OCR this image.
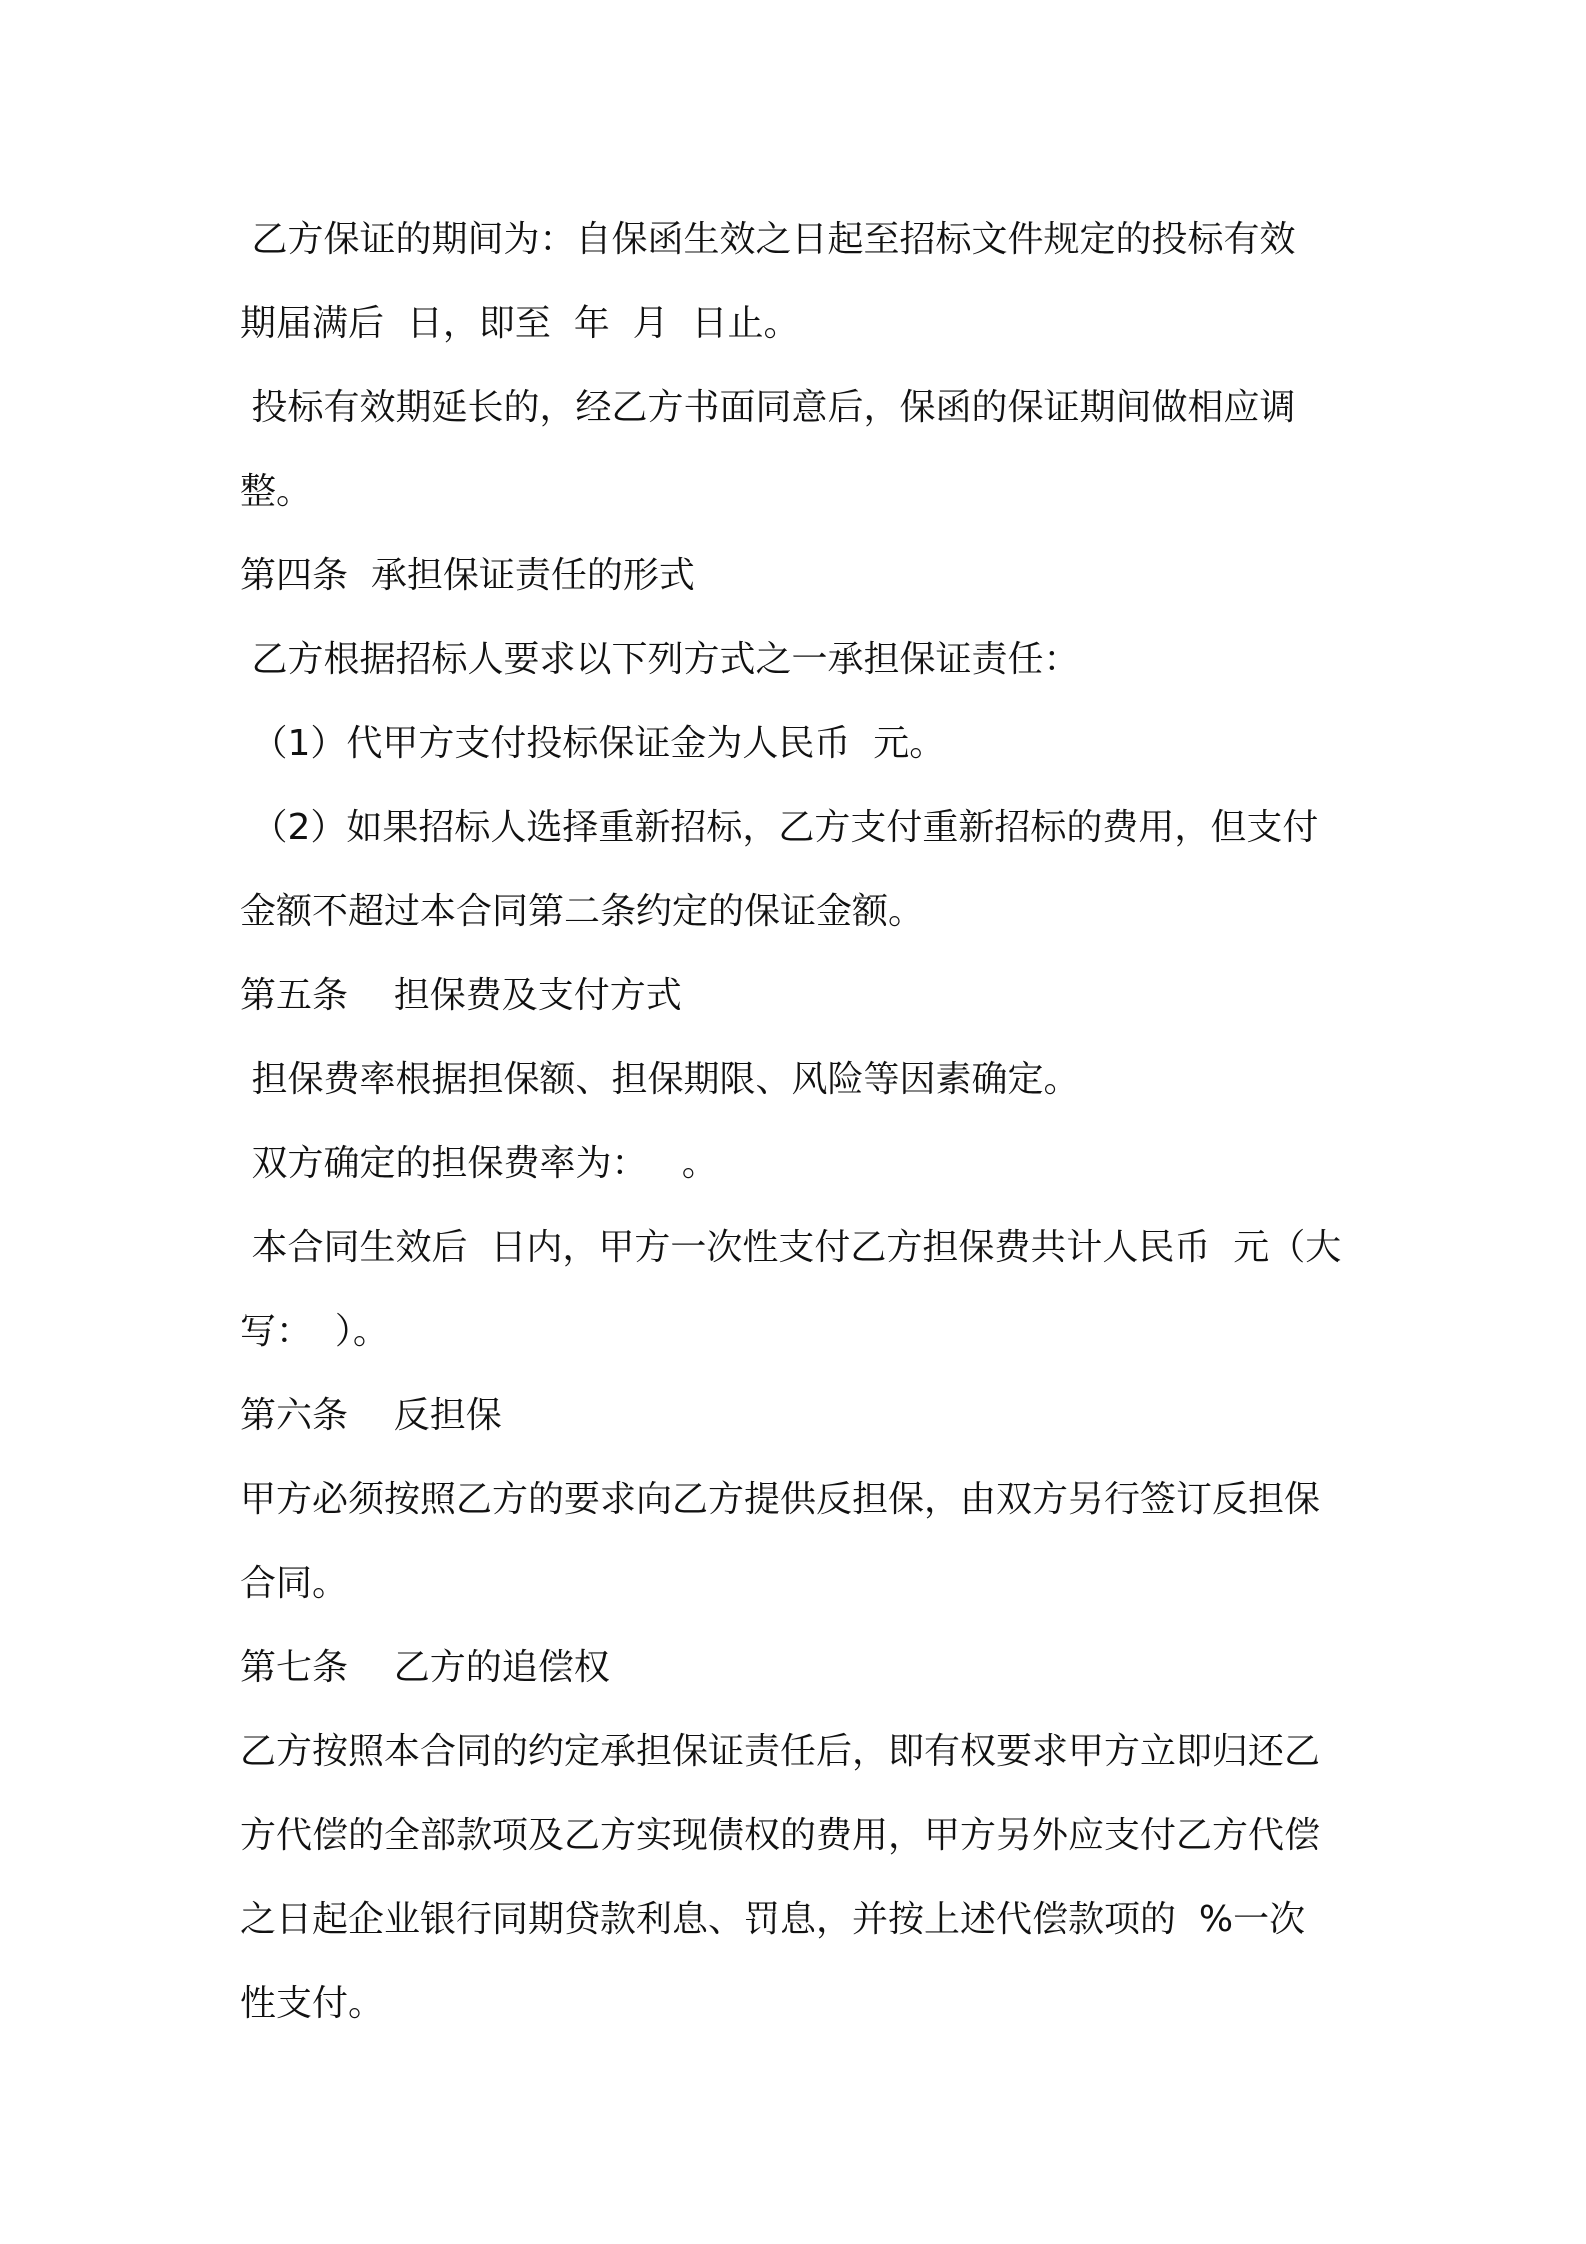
乙方保证的期间为：自保函生效之日起至招标文件规定的投标有效
期届满后  日，即至  年  月  日止。
投标有效期延长的，经乙方书面同意后，保函的保证期间做相应调
整。
第四条  承担保证责任的形式
乙方根据招标人要求以下列方式之一承担保证责任：
（1）代甲方支付投标保证金为人民币  元。
（2）如果招标人选择重新招标，乙方支付重新招标的费用，但支付
金额不超过本合同第二条约定的保证金额。
第五条    担保费及支付方式
担保费率根据担保额、担保期限、风险等因素确定。
双方确定的担保费率为：   。
本合同生效后  日内，甲方一次性支付乙方担保费共计人民币  元（大
写：  ）。
第六条    反担保
甲方必须按照乙方的要求向乙方提供反担保，由双方另行签订反担保
合同。
第七条    乙方的追偿权
乙方按照本合同的约定承担保证责任后，即有权要求甲方立即归还乙
方代偿的全部款项及乙方实现债权的费用，甲方另外应支付乙方代偿
之日起企业银行同期贷款利息、罚息，并按上述代偿款项的  %一次
性支付。
